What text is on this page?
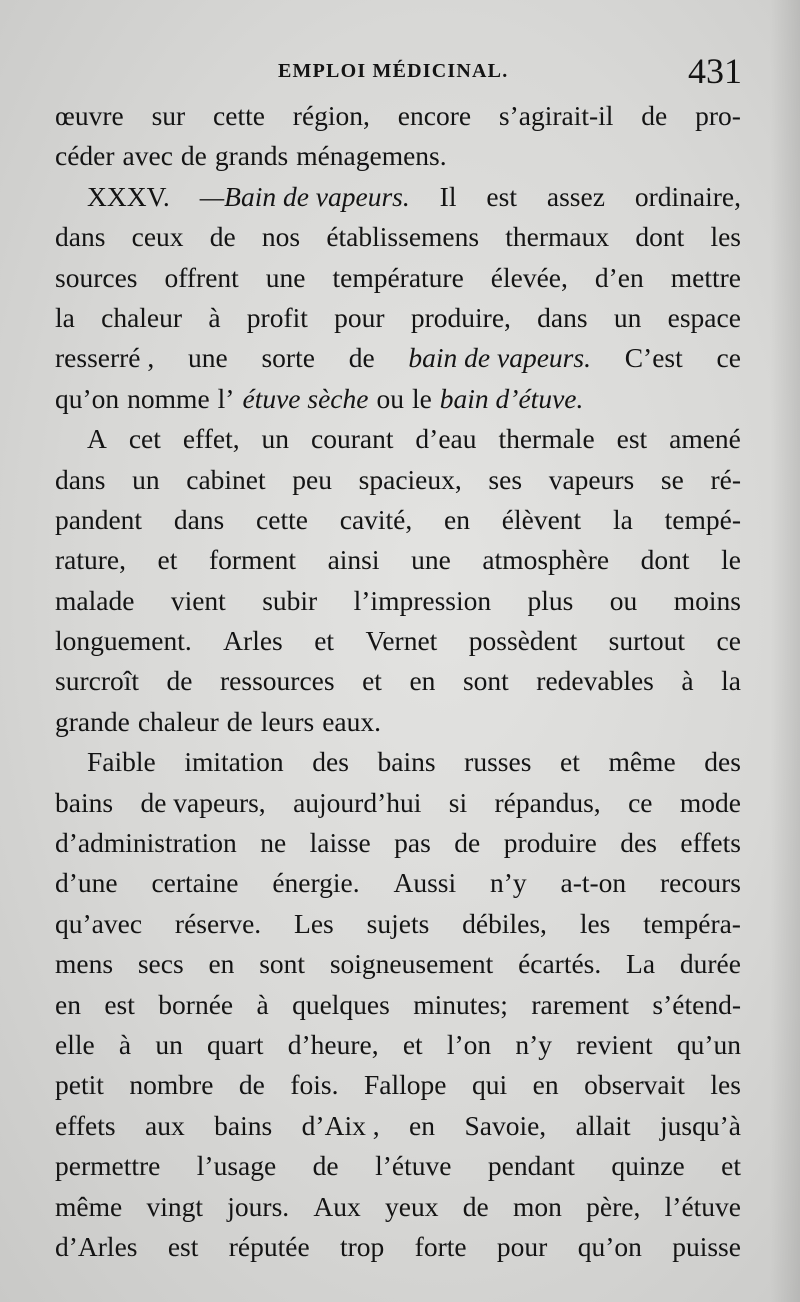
EMPLOI MÉDICINAL.	431
œuvre sur cette région, encore s’agirait-il de pro-
céder avec de grands ménagemens.
XXXV. —Bain de vapeurs. Il est assez ordinaire,
dans ceux de nos établissemens thermaux dont les
sources offrent une température élevée, d’en mettre
la chaleur à profit pour produire, dans un espace
resserré , une sorte de bain de vapeurs. C’est ce
qu’on nomme l’ étuve sèche ou le bain d’étuve.
A cet effet, un courant d’eau thermale est amené
dans un cabinet peu spacieux, ses vapeurs se ré-
pandent dans cette cavité, en élèvent la tempé-
rature, et forment ainsi une atmosphère dont le
malade vient subir l’impression plus ou moins
longuement. Arles et Vernet possèdent surtout ce
surcroît de ressources et en sont redevables à la
grande chaleur de leurs eaux.
Faible imitation des bains russes et même des
bains de vapeurs, aujourd’hui si répandus, ce mode
d’administration ne laisse pas de produire des effets
d’une certaine énergie. Aussi n’y a-t-on recours
qu’avec réserve. Les sujets débiles, les tempéra-
mens secs en sont soigneusement écartés. La durée
en est bornée à quelques minutes; rarement s’étend-
elle à un quart d’heure, et l’on n’y revient qu’un
petit nombre de fois. Fallope qui en observait les
effets aux bains d’Aix , en Savoie, allait jusqu’à
permettre l’usage de l’étuve pendant quinze et
même vingt jours. Aux yeux de mon père, l’étuve
d’Arles est réputée trop forte pour qu’on puisse
